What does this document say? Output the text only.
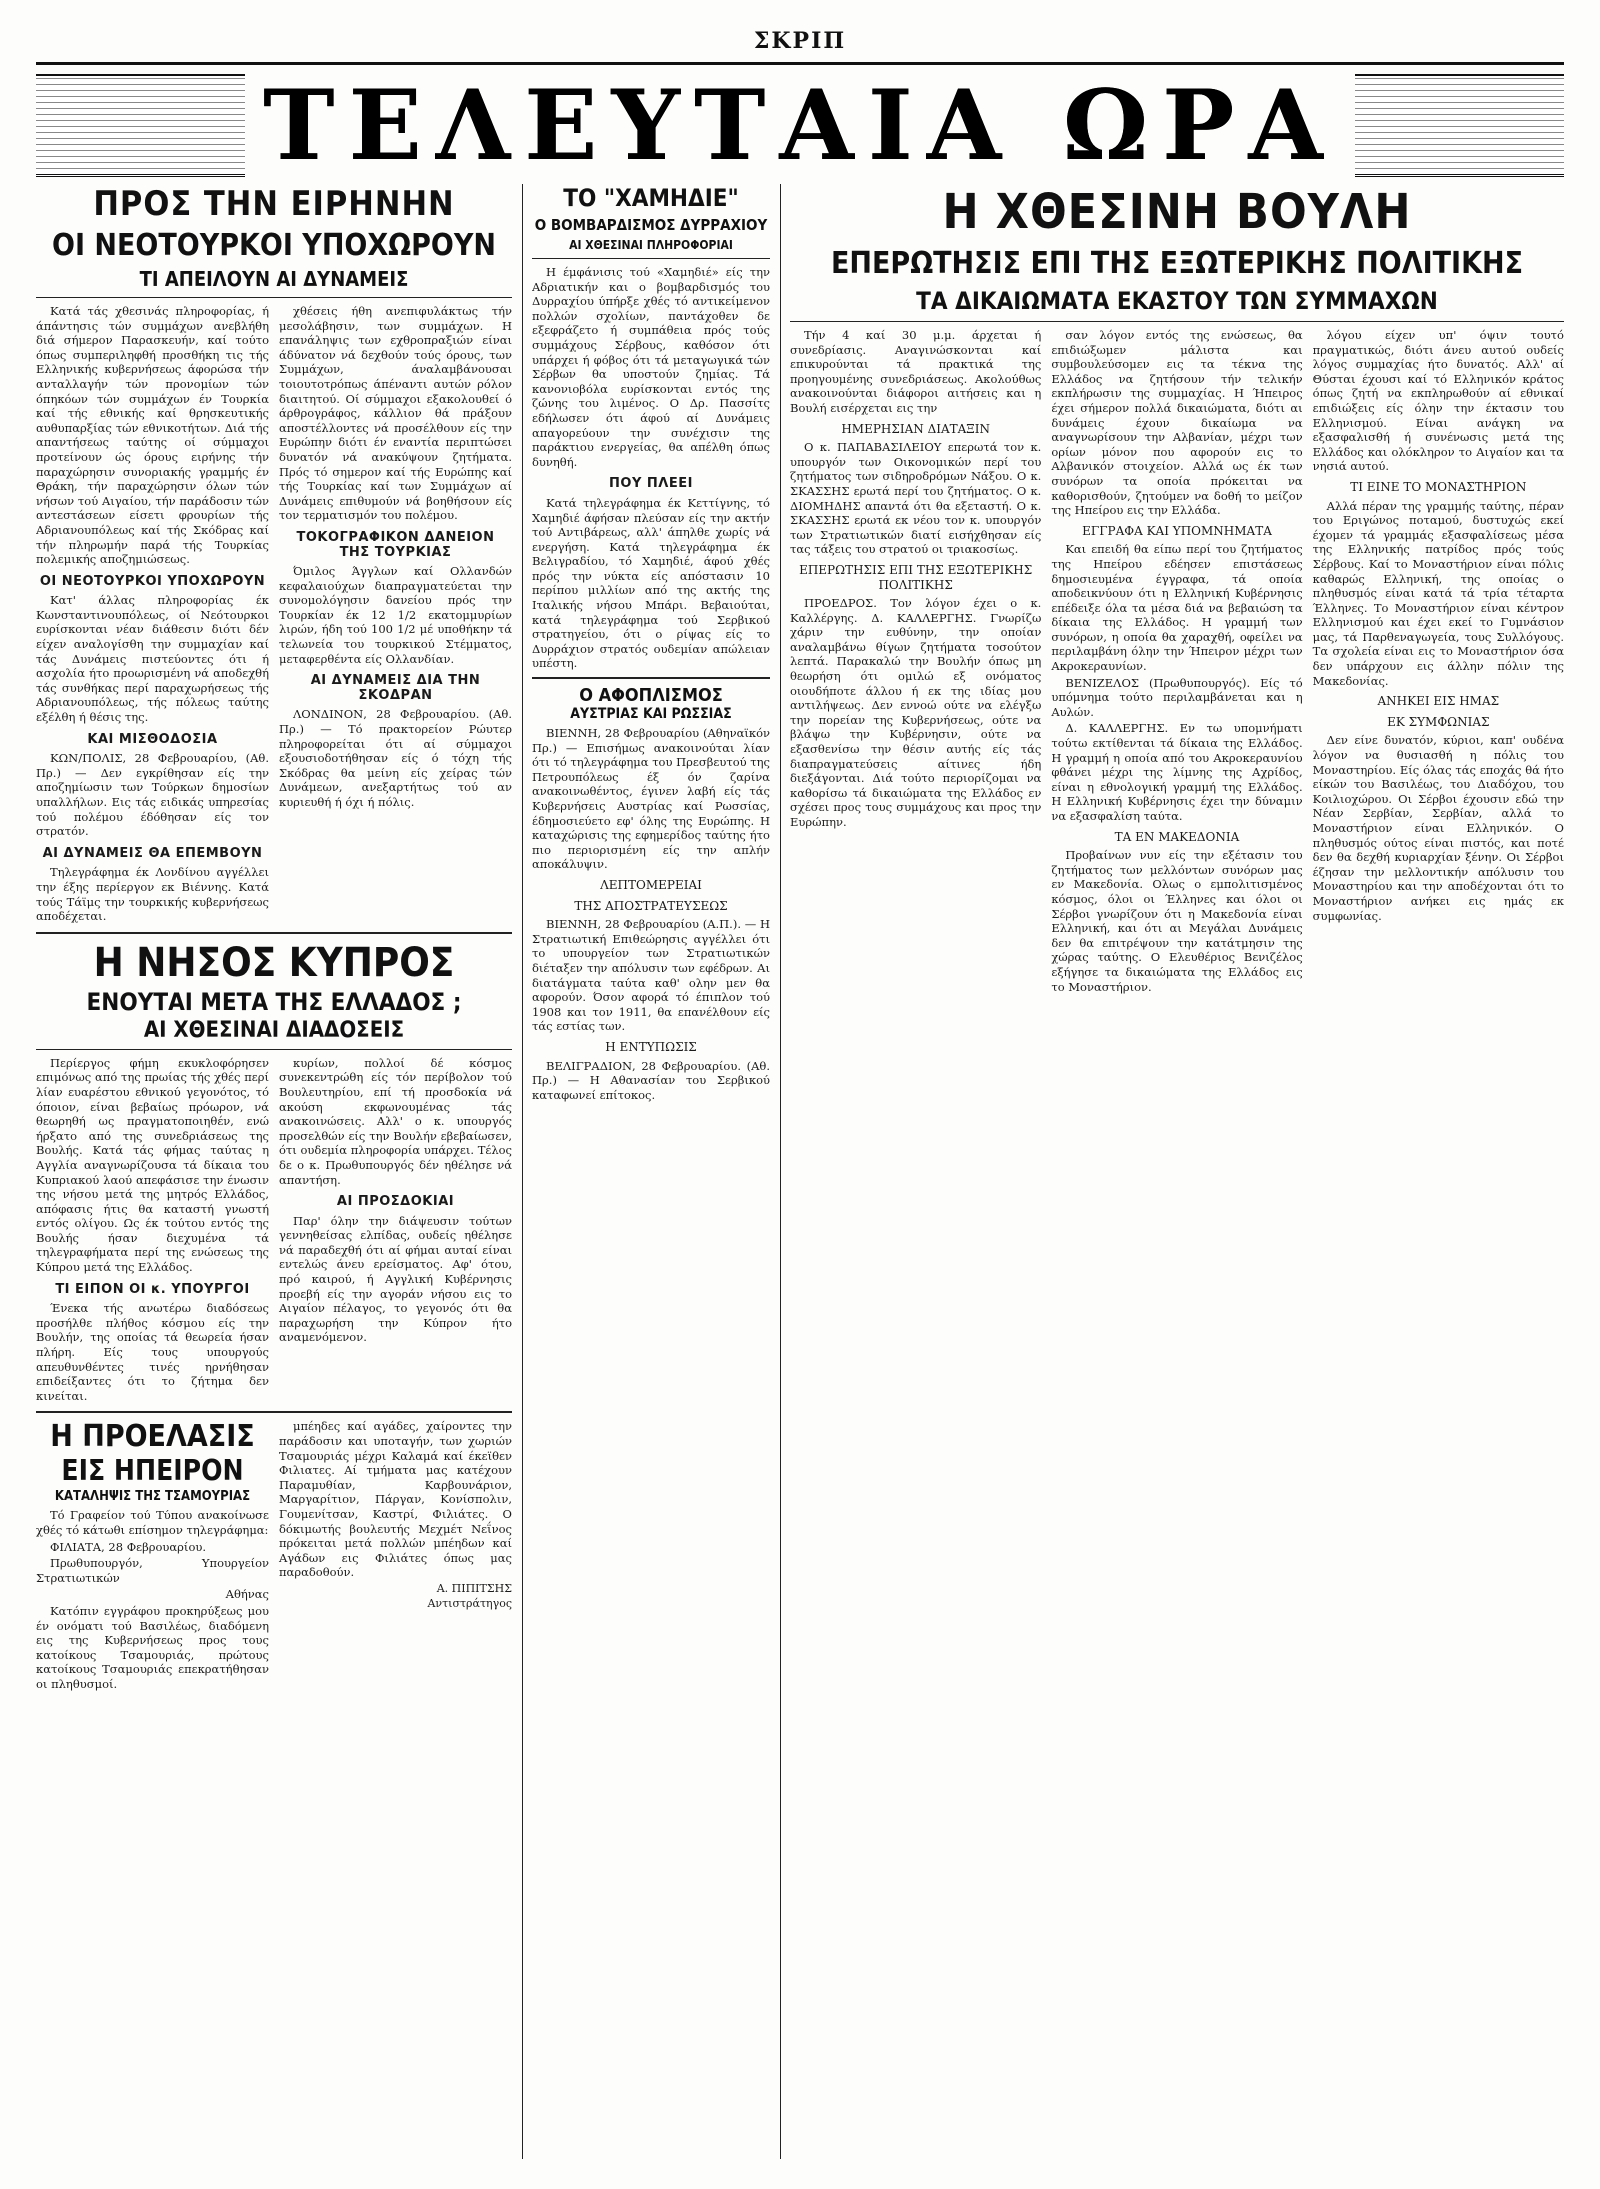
ΣΚΡΙΠ
ΤΕΛΕΥΤΑΙΑ ΩΡΑ
ΠΡΟΣ ΤΗΝ ΕΙΡΗΝΗΝ
ΟΙ ΝΕΟΤΟΥΡΚΟΙ ΥΠΟΧΩΡΟΥΝ
ΤΙ ΑΠΕΙΛΟΥΝ ΑΙ ΔΥΝΑΜΕΙΣ

Κατά τάς χθεσινάς πληροφορίας, ή άπάντησις τών συμμάχων ανεβλήθη διά σήμερον Παρασκευήν, καί τούτο όπως συμπεριληφθή προσθήκη τις τής Ελληνικής κυβερνήσεως άφορώσα τήν ανταλλαγήν τών προνομίων τών όπηκόων τών συμμάχων έν Τουρκία καί τής εθνικής καί θρησκευτικής αυθυπαρξίας τών εθνικοτήτων. Διά τής απαντήσεως ταύτης οί σύμμαχοι προτείνουν ώς όρους ειρήνης τήν παραχώρησιν συνοριακής γραμμής έν Θράκη, τήν παραχώρησιν όλων τών νήσων τού Αιγαίου, τήν παράδοσιν τών αντεστάσεων είσετι φρουρίων τής Αδριανουπόλεως καί τής Σκόδρας καί τήν πληρωμήν παρά τής Τουρκίας πολεμικής αποζημιώσεως.

ΟΙ ΝΕΟΤΟΥΡΚΟΙ ΥΠΟΧΩΡΟΥΝ

Κατ' άλλας πληροφορίας έκ Κωνσταντινουπόλεως, οί Νεότουρκοι ευρίσκονται νέαν διάθεσιν διότι δέν είχεν αναλογίσθη την συμμαχίαν καί τάς Δυνάμεις πιστεύοντες ότι ή ασχολία ήτο προωρισμένη νά αποδεχθή τάς συνθήκας περί παραχωρήσεως τής Αδριανουπόλεως, τής πόλεως ταύτης εξέλθη ή θέσις της.

ΚΑΙ ΜΙΣΘΟΔΟΣΙΑ

ΚΩΝ/ΠΟΛΙΣ, 28 Φεβρουαρίου, (Αθ. Πρ.) — Δεν εγκρίθησαν είς την αποζημίωσιν των Τούρκων δημοσίων υπαλλήλων. Εις τάς ειδικάς υπηρεσίας τού πολέμου έδόθησαν είς τον στρατόν.

ΑΙ ΔΥΝΑΜΕΙΣ ΘΑ ΕΠΕΜΒΟΥΝ

Τηλεγράφημα έκ Λονδίνου αγγέλλει την έξης περίεργον εκ Βιέννης. Κατά τούς Τάϊμς την τουρκικής κυβερνήσεως αποδέχεται.

χθέσεις ήθη ανεπιφυλάκτως τήν μεσολάβησιν, των συμμάχων. Η επανάληψις των εχθροπραξιών είναι άδύνατον νά δεχθούν τούς όρους, των Συμμάχων, άναλαμβάνουσαι τοιουτοτρόπως άπέναντι αυτών ρόλον διαιτητού. Οί σύμμαχοι εξακολουθεί ό άρθρογράφος, κάλλιον θά πράξουν αποστέλλοντες νά προσέλθουν είς την Ευρώπην διότι έν εναντία περιπτώσει δυνατόν νά ανακύψουν ζητήματα. Πρός τό σημερον καί τής Ευρώπης καί τής Τουρκίας καί των Συμμάχων αί Δυνάμεις επιθυμούν νά βοηθήσουν είς τον τερματισμόν του πολέμου.

ΤΟΚΟΓΡΑΦΙΚΟΝ ΔΑΝΕΙΟΝ ΤΗΣ ΤΟΥΡΚΙΑΣ

Όμιλος Άγγλων καί Ολλανδών κεφαλαιούχων διαπραγματεύεται την συνομολόγησιν δανείου πρός την Τουρκίαν έκ 12 1/2 εκατομμυρίων λιρών, ήδη τού 100 1/2 μέ υποθήκην τά τελωνεία του τουρκικού Στέμματος, μεταφερθέντα είς Ολλανδίαν.

ΑΙ ΔΥΝΑΜΕΙΣ ΔΙΑ ΤΗΝ ΣΚΟΔΡΑΝ

ΛΟΝΔΙΝΟΝ, 28 Φεβρουαρίου. (Αθ. Πρ.) — Τό πρακτορείον Ρώυτερ πληροφορείται ότι αί σύμμαχοι εξουσιοδοτήθησαν είς ό τόχη τής Σκόδρας θα μείνη είς χείρας τών Δυνάμεων, ανεξαρτήτως τού αν κυριευθή ή όχι ή πόλις.

Η ΝΗΣΟΣ ΚΥΠΡΟΣ
ΕΝΟΥΤΑΙ ΜΕΤΑ ΤΗΣ ΕΛΛΑΔΟΣ ;
ΑΙ ΧΘΕΣΙΝΑΙ ΔΙΑΔΟΣΕΙΣ

Περίεργος φήμη εκυκλοφόρησεν επιμόνως από της πρωίας τής χθές περί λίαν ευαρέστου εθνικού γεγονότος, τό όποιον, είναι βεβαίως πρόωρον, νά θεωρηθή ως πραγματοποιηθέν, ενώ ήρξατο από της συνεδριάσεως της Βουλής. Κατά τάς φήμας ταύτας η Αγγλία αναγνωρίζουσα τά δίκαια του Κυπριακού λαού απεφάσισε την ένωσιν της νήσου μετά της μητρός Ελλάδος, απόφασις ήτις θα καταστή γνωστή εντός ολίγου. Ως έκ τούτου εντός της Βουλής ήσαν διεχυμένα τά τηλεγραφήματα περί της ενώσεως της Κύπρου μετά της Ελλάδος.

ΤΙ ΕΙΠΟΝ ΟΙ κ. ΥΠΟΥΡΓΟΙ

Ένεκα τής ανωτέρω διαδόσεως προσήλθε πλήθος κόσμου είς την Βουλήν, της οποίας τά θεωρεία ήσαν πλήρη. Είς τους υπουργούς απευθυνθέντες τινές ηρνήθησαν επιδείξαντες ότι το ζήτημα δεν κινείται.

κυρίων, πολλοί δέ κόσμος συνεκεντρώθη είς τόν περίβολον τού Βουλευτηρίου, επί τή προσδοκία νά ακούση εκφωνουμένας τάς ανακοινώσεις. Αλλ' ο κ. υπουργός προσελθών είς την Βουλήν εβεβαίωσεν, ότι ουδεμία πληροφορία υπάρχει. Τέλος δε ο κ. Πρωθυπουργός δέν ηθέλησε νά απαντήση.

ΑΙ ΠΡΟΣΔΟΚΙΑΙ

Παρ' όλην την διάψευσιν τούτων γεννηθείσας ελπίδας, ουδείς ηθέλησε νά παραδεχθή ότι αί φήμαι αυταί είναι εντελώς άνευ ερείσματος. Αφ' ότου, πρό καιρού, ή Αγγλική Κυβέρνησις προεβή είς την αγοράν νήσου εις το Αιγαίον πέλαγος, το γεγονός ότι θα παραχωρήση την Κύπρον ήτο αναμενόμενον.

Η ΠΡΟΕΛΑΣΙΣ
ΕΙΣ ΗΠΕΙΡΟΝ
ΚΑΤΑΛΗΨΙΣ ΤΗΣ ΤΣΑΜΟΥΡΙΑΣ

Τό Γραφείον τού Τύπου ανακοίνωσε χθές τό κάτωθι επίσημον τηλεγράφημα:

ΦΙΛΙΑΤΑ, 28 Φεβρουαρίου.

Πρωθυπουργόν, Υπουργείον Στρατιωτικών

Αθήνας

Κατόπιν εγγράφου προκηρύξεως μου έν ονόματι τού Βασιλέως, διαδόμενη εις της Κυβερνήσεως προς τους κατοίκους Τσαμουριάς, πρώτους κατοίκους Τσαμουριάς επεκρατήθησαν οι πληθυσμοί.

μπέηδες καί αγάδες, χαίροντες την παράδοσιν και υποταγήν, των χωριών Τσαμουριάς μέχρι Καλαμά καί έκεϊθεν Φιλιατες. Αί τμήματα μας κατέχουν Παραμυθίαν, Καρβουνάριον, Μαργαρίτιον, Πάργαν, Κονίσπολιν, Γουμενίτσαν, Καστρί, Φιλιάτες. Ο δόκιμωτής βουλευτής Μεχμέτ Νεΐνος πρόκειται μετά πολλών μπέηδων καί Αγάδων εις Φιλιάτες όπως μας παραδοθούν.

Α. ΠΙΠΙΤΣΗΣ
Αντιστράτηγος
ΤΟ "ΧΑΜΗΔΙΕ"
Ο ΒΟΜΒΑΡΔΙΣΜΟΣ ΔΥΡΡΑΧΙΟΥ
ΑΙ ΧΘΕΣΙΝΑΙ ΠΛΗΡΟΦΟΡΙΑΙ

Η έμφάνισις τού «Χαμηδιέ» είς την Αδριατικήν και ο βομβαρδισμός του Δυρραχίου ύπήρξε χθές τό αντικείμενον πολλών σχολίων, παντάχοθεν δε εξεφράζετο ή συμπάθεια πρός τούς συμμάχους Σέρβους, καθόσον ότι υπάρχει ή φόβος ότι τά μεταγωγικά τών Σέρβων θα υποστούν ζημίας. Τά κανονιοβόλα ευρίσκονται εντός της ζώνης του λιμένος. Ο Δρ. Πασσίτς εδήλωσεν ότι άφού αί Δυνάμεις απαγορεύουν την συνέχισιν της παράκτιου ενεργείας, θα απέλθη όπως δυνηθή.

ΠΟΥ ΠΛΕΕΙ

Κατά τηλεγράφημα έκ Κεττίγνης, τό Χαμηδιέ άφήσαν πλεύσαν είς την ακτήν τού Αντιβάρεως, αλλ' άπηλθε χωρίς νά ενεργήση. Κατά τηλεγράφημα έκ Βελιγραδίου, τό Χαμηδιέ, άφού χθές πρός την νύκτα είς απόστασιν 10 περίπου μιλλίων από της ακτής της Ιταλικής νήσου Μπάρι. Βεβαιούται, κατά τηλεγράφημα τού Σερβικού στρατηγείου, ότι ο ρίψας είς το Δυρράχιον στρατός ουδεμίαν απώλειαν υπέστη.

Ο ΑΦΟΠΛΙΣΜΟΣ
ΑΥΣΤΡΙΑΣ ΚΑΙ ΡΩΣΣΙΑΣ

ΒΙΕΝΝΗ, 28 Φεβρουαρίου (Αθηναϊκόν Πρ.) — Επισήμως ανακοινούται λίαν ότι τό τηλεγράφημα του Πρεσβευτού της Πετρουπόλεως έξ όν ζαρίνα ανακοινωθέντος, έγινεν λαβή είς τάς Κυβερνήσεις Αυστρίας καί Ρωσσίας, έδημοσιεύετο εφ' όλης της Ευρώπης. Η καταχώρισις της εφημερίδος ταύτης ήτο πιο περιορισμένη είς την απλήν αποκάλυψιν.

ΛΕΠΤΟΜΕΡΕΙΑΙ
ΤΗΣ ΑΠΟΣΤΡΑΤΕΥΣΕΩΣ

ΒΙΕΝΝΗ, 28 Φεβρουαρίου (Α.Π.). — Η Στρατιωτική Επιθεώρησις αγγέλλει ότι το υπουργείον των Στρατιωτικών διέταξεν την απόλυσιν των εφέδρων. Αι διατάγματα ταύτα καθ' ολην μεν θα αφορούν. Όσον αφορά τό έπιπλον τού 1908 και τον 1911, θα επανέλθουν είς τάς εστίας των.

Η ΕΝΤΥΠΩΣΙΣ

ΒΕΛΙΓΡΑΔΙΟΝ, 28 Φεβρουαρίου. (Αθ. Πρ.) — Η Αθανασίαν του Σερβικού καταφωνεί επίτοκος.

Η ΧΘΕΣΙΝΗ ΒΟΥΛΗ
ΕΠΕΡΩΤΗΣΙΣ ΕΠΙ ΤΗΣ ΕΞΩΤΕΡΙΚΗΣ ΠΟΛΙΤΙΚΗΣ
ΤΑ ΔΙΚΑΙΩΜΑΤΑ ΕΚΑΣΤΟΥ ΤΩΝ ΣΥΜΜΑΧΩΝ

Τήν 4 καί 30 μ.μ. άρχεται ή συνεδρίασις. Αναγινώσκονται καί επικυρούνται τά πρακτικά της προηγουμένης συνεδριάσεως. Ακολούθως ανακοινούνται διάφοροι αιτήσεις και η Βουλή εισέρχεται εις την

ΗΜΕΡΗΣΙΑΝ ΔΙΑΤΑΞΙΝ

Ο κ. ΠΑΠΑΒΑΣΙΛΕΙΟΥ επερωτά τον κ. υπουργόν των Οικονομικών περί του ζητήματος των σιδηροδρόμων Νάξου. Ο κ. ΣΚΑΣΣΗΣ ερωτά περί του ζητήματος. Ο κ. ΔΙΟΜΗΔΗΣ απαντά ότι θα εξεταστή. Ο κ. ΣΚΑΣΣΗΣ ερωτά εκ νέου τον κ. υπουργόν των Στρατιωτικών διατί εισήχθησαν είς τας τάξεις του στρατού οι τριακοσίως.

ΕΠΕΡΩΤΗΣΙΣ ΕΠΙ ΤΗΣ ΕΞΩΤΕΡΙΚΗΣ ΠΟΛΙΤΙΚΗΣ

ΠΡΟΕΔΡΟΣ. Τον λόγον έχει ο κ. Καλλέργης. Δ. ΚΑΛΛΕΡΓΗΣ. Γνωρίζω χάριν την ευθύνην, την οποίαν αναλαμβάνω θίγων ζητήματα τοσούτον λεπτά. Παρακαλώ την Βουλήν όπως μη θεωρήση ότι ομιλώ εξ ονόματος οιουδήποτε άλλου ή εκ της ιδίας μου αντιλήψεως. Δεν εννοώ ούτε να ελέγξω την πορείαν της Κυβερνήσεως, ούτε να βλάψω την Κυβέρνησιν, ούτε να εξασθενίσω την θέσιν αυτής είς τάς διαπραγματεύσεις αίτινες ήδη διεξάγονται. Διά τούτο περιορίζομαι να καθορίσω τά δικαιώματα της Ελλάδος εν σχέσει προς τους συμμάχους και προς την Ευρώπην.

σαν λόγον εντός της ενώσεως, θα επιδιώξωμεν μάλιστα και συμβουλεύσομεν εις τα τέκνα της Ελλάδος να ζητήσουν τήν τελικήν εκπλήρωσιν της συμμαχίας. Η Ήπειρος έχει σήμερον πολλά δικαιώματα, διότι αι δυνάμεις έχουν δικαίωμα να αναγνωρίσουν την Αλβανίαν, μέχρι των ορίων μόνον που αφορούν εις το Αλβανικόν στοιχείον. Αλλά ως έκ των συνόρων τα οποία πρόκειται να καθορισθούν, ζητούμεν να δοθή το μείζον της Ηπείρου εις την Ελλάδα.

ΕΓΓΡΑΦΑ ΚΑΙ ΥΠΟΜΝΗΜΑΤΑ

Και επειδή θα είπω περί του ζητήματος της Ηπείρου εδέησεν επιστάσεως δημοσιευμένα έγγραφα, τά οποία αποδεικνύουν ότι η Ελληνική Κυβέρνησις επέδειξε όλα τα μέσα διά να βεβαιώση τα δίκαια της Ελλάδος. Η γραμμή των συνόρων, η οποία θα χαραχθή, οφείλει να περιλαμβάνη όλην την Ήπειρον μέχρι των Ακροκεραυνίων.

ΒΕΝΙΖΕΛΟΣ (Πρωθυπουργός). Είς τό υπόμνημα τούτο περιλαμβάνεται και η Αυλών.

Δ. ΚΑΛΛΕΡΓΗΣ. Εν τω υπομνήματι τούτω εκτίθενται τά δίκαια της Ελλάδος. Η γραμμή η οποία από του Ακροκεραυνίου φθάνει μέχρι της λίμνης της Αχρίδος, είναι η εθνολογική γραμμή της Ελλάδος. Η Ελληνική Κυβέρνησις έχει την δύναμιν να εξασφαλίση ταύτα.

ΤΑ ΕΝ ΜΑΚΕΔΟΝΙΑ

Προβαίνων νυν είς την εξέτασιν του ζητήματος των μελλόντων συνόρων μας εν Μακεδονία. Ολως ο εμπολιτισμένος κόσμος, όλοι οι Έλληνες και όλοι οι Σέρβοι γνωρίζουν ότι η Μακεδονία είναι Ελληνική, και ότι αι Μεγάλαι Δυνάμεις δεν θα επιτρέψουν την κατάτμησιν της χώρας ταύτης. Ο Ελευθέριος Βενιζέλος εξήγησε τα δικαιώματα της Ελλάδος εις το Μοναστήριον.

λόγου είχεν υπ' όψιν τουτό πραγματικώς, διότι άνευ αυτού ουδείς λόγος συμμαχίας ήτο δυνατός. Αλλ' αί Θύσται έχουσι καί τό Ελληνικόν κράτος όπως ζητή να εκπληρωθούν αί εθνικαί επιδιώξεις είς όλην την έκτασιν του Ελληνισμού. Είναι ανάγκη να εξασφαλισθή ή συνένωσις μετά της Ελλάδος και ολόκληρον το Αιγαίον και τα νησιά αυτού.

ΤΙ ΕΙΝΕ ΤΟ ΜΟΝΑΣΤΗΡΙΟΝ

Αλλά πέραν της γραμμής ταύτης, πέραν του Εριγώνος ποταμού, δυστυχώς εκεί έχομεν τά γραμμάς εξασφαλίσεως μέσα της Ελληνικής πατρίδος πρός τούς Σέρβους. Καί το Μοναστήριον είναι πόλις καθαρώς Ελληνική, της οποίας ο πληθυσμός είναι κατά τά τρία τέταρτα Έλληνες. Το Μοναστήριον είναι κέντρον Ελληνισμού και έχει εκεί το Γυμνάσιον μας, τά Παρθεναγωγεία, τους Συλλόγους. Τα σχολεία είναι εις το Μοναστήριον όσα δεν υπάρχουν εις άλλην πόλιν της Μακεδονίας.

ΑΝΗΚΕΙ ΕΙΣ ΗΜΑΣ
ΕΚ ΣΥΜΦΩΝΙΑΣ

Δεν είνε δυνατόν, κύριοι, καπ' ουδένα λόγον να θυσιασθή η πόλις του Μοναστηρίου. Είς όλας τάς εποχάς θά ήτο είκών του Βασιλέως, του Διαδόχου, του Κοιλιοχώρου. Οι Σέρβοι έχουσιν εδώ την Νέαν Σερβίαν, Σερβίαν, αλλά το Μοναστήριον είναι Ελληνικόν. Ο πληθυσμός ούτος είναι πιστός, και ποτέ δεν θα δεχθή κυριαρχίαν ξένην. Οι Σέρβοι έζησαν την μελλοντικήν απόλυσιν του Μοναστηρίου και την αποδέχονται ότι το Μοναστήριον ανήκει εις ημάς εκ συμφωνίας.
